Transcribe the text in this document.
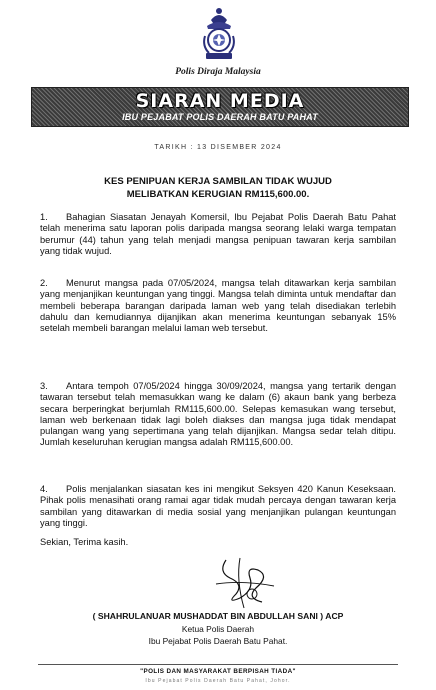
Polis Diraja Malaysia
SIARAN MEDIA
IBU PEJABAT POLIS DAERAH BATU PAHAT
TARIKH : 13 DISEMBER 2024
KES PENIPUAN KERJA SAMBILAN TIDAK WUJUD
MELIBATKAN KERUGIAN RM115,600.00.
1. Bahagian Siasatan Jenayah Komersil, Ibu Pejabat Polis Daerah Batu Pahat telah menerima satu laporan polis daripada mangsa seorang lelaki warga tempatan berumur (44) tahun yang telah menjadi mangsa penipuan tawaran kerja sambilan yang tidak wujud.
2. Menurut mangsa pada 07/05/2024, mangsa telah ditawarkan kerja sambilan yang menjanjikan keuntungan yang tinggi. Mangsa telah diminta untuk mendaftar dan membeli beberapa barangan daripada laman web yang telah disediakan terlebih dahulu dan kemudiannya dijanjikan akan menerima keuntungan sebanyak 15% setelah membeli barangan melalui laman web tersebut.
3. Antara tempoh 07/05/2024 hingga 30/09/2024, mangsa yang tertarik dengan tawaran tersebut telah memasukkan wang ke dalam (6) akaun bank yang berbeza secara berperingkat berjumlah RM115,600.00. Selepas kemasukan wang tersebut, laman web berkenaan tidak lagi boleh diakses dan mangsa juga tidak mendapat pulangan wang yang sepertimana yang telah dijanjikan. Mangsa sedar telah ditipu. Jumlah keseluruhan kerugian mangsa adalah RM115,600.00.
4. Polis menjalankan siasatan kes ini mengikut Seksyen 420 Kanun Keseksaan. Pihak polis menasihati orang ramai agar tidak mudah percaya dengan tawaran kerja sambilan yang ditawarkan di media sosial yang menjanjikan pulangan keuntungan yang tinggi.
Sekian, Terima kasih.
( SHAHRULANUAR MUSHADDAT BIN ABDULLAH SANI ) ACP
Ketua Polis Daerah
Ibu Pejabat Polis Daerah Batu Pahat.
"POLIS DAN MASYARAKAT BERPISAH TIADA"
Ibu Pejabat Polis Daerah Batu Pahat, Johor.
